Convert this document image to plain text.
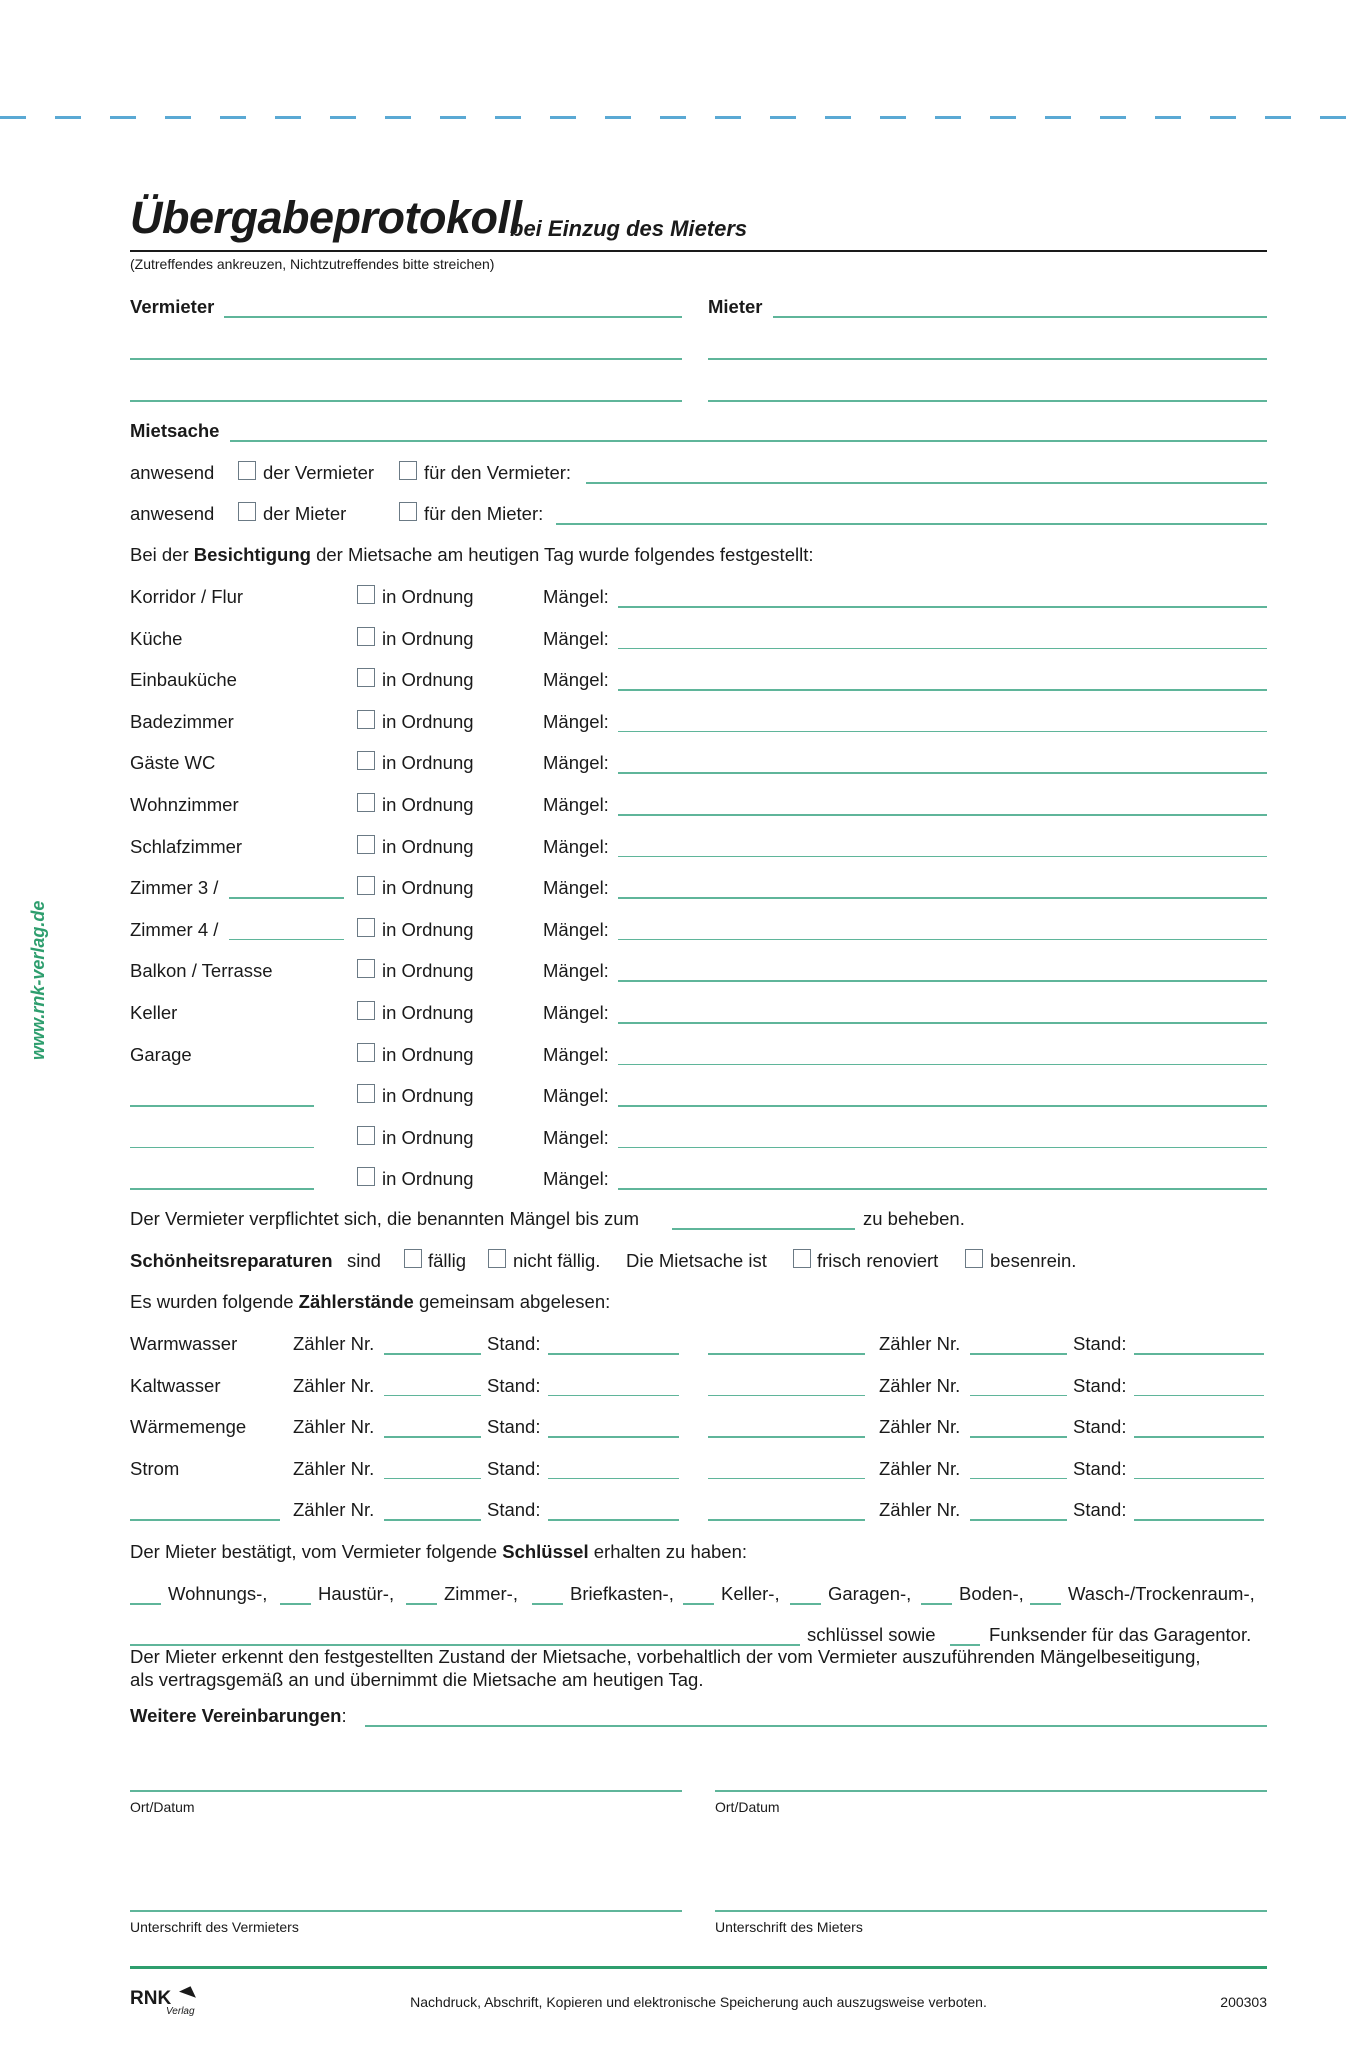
www.rnk-verlag.de
Übergabeprotokoll
bei Einzug des Mieters
(Zutreffendes ankreuzen, Nichtzutreffendes bitte streichen)
Vermieter	Mieter
Mietsache
anwesend	der Vermieter	für den Vermieter:
anwesend	der Mieter	für den Mieter:
Bei der Besichtigung der Mietsache am heutigen Tag wurde folgendes festgestellt:
Korridor / Flur	in Ordnung	Mängel:
Küche	in Ordnung	Mängel:
Einbauküche	in Ordnung	Mängel:
Badezimmer	in Ordnung	Mängel:
Gäste WC	in Ordnung	Mängel:
Wohnzimmer	in Ordnung	Mängel:
Schlafzimmer	in Ordnung	Mängel:
Zimmer 3 /	in Ordnung	Mängel:
Zimmer 4 /	in Ordnung	Mängel:
Balkon / Terrasse	in Ordnung	Mängel:
Keller	in Ordnung	Mängel:
Garage	in Ordnung	Mängel:
in Ordnung	Mängel:
in Ordnung	Mängel:
in Ordnung	Mängel:
Der Vermieter verpflichtet sich, die benannten Mängel bis zum	zu beheben.
Schönheitsreparaturen sind	fällig	nicht fällig. Die Mietsache ist	frisch renoviert	besenrein.
Es wurden folgende Zählerstände gemeinsam abgelesen:
Warmwasser	Zähler Nr.	Stand:	Zähler Nr.	Stand:
Kaltwasser	Zähler Nr.	Stand:	Zähler Nr.	Stand:
Wärmemenge	Zähler Nr.	Stand:	Zähler Nr.	Stand:
Strom	Zähler Nr.	Stand:	Zähler Nr.	Stand:
Zähler Nr.	Stand:	Zähler Nr.	Stand:
Der Mieter bestätigt, vom Vermieter folgende Schlüssel erhalten zu haben:
Wohnungs-,	Haustür-,	Zimmer-,	Briefkasten-,	Keller-,	Garagen-,	Boden-, Wasch-/Trockenraum-,
schlüssel sowie	Funksender für das Garagentor.
Der Mieter erkennt den festgestellten Zustand der Mietsache, vorbehaltlich der vom Vermieter auszuführenden Mängelbeseitigung,
als vertragsgemäß an und übernimmt die Mietsache am heutigen Tag.
Weitere Vereinbarungen:
Ort/Datum	Ort/Datum
Unterschrift des Vermieters	Unterschrift des Mieters
RNK
Verlag
Nachdruck, Abschrift, Kopieren und elektronische Speicherung auch auszugsweise verboten.	200303
